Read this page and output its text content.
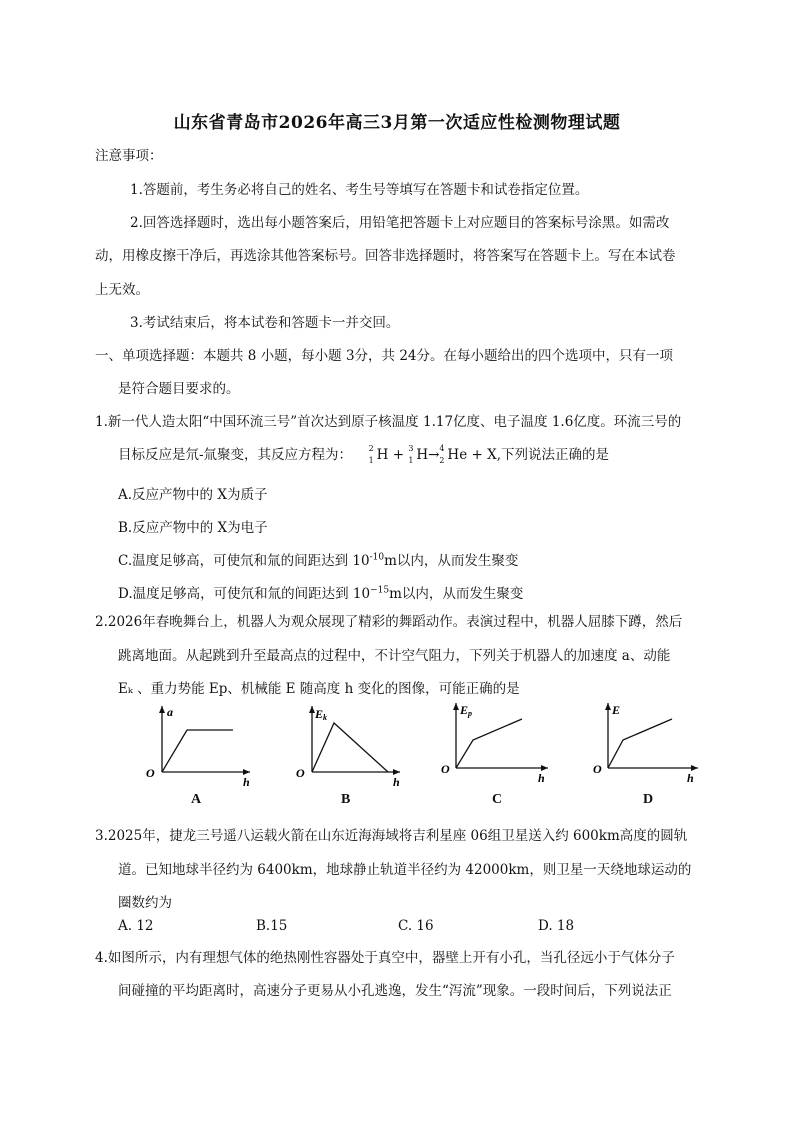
山东省青岛市2026年高三3月第一次适应性检测物理试题
注意事项：
1.答题前，考生务必将自己的姓名、考生号等填写在答题卡和试卷指定位置。
2.回答选择题时，选出每小题答案后，用铅笔把答题卡上对应题目的答案标号涂黑。如需改
动，用橡皮擦干净后，再选涂其他答案标号。回答非选择题时，将答案写在答题卡上。写在本试卷
上无效。
3.考试结束后，将本试卷和答题卡一并交回。
一、单项选择题：本题共 8 小题，每小题 3分，共 24分。在每小题给出的四个选项中，只有一项
是符合题目要求的。
1.新一代人造太阳“中国环流三号”首次达到原子核温度 1.17亿度、电子温度 1.6亿度。环流三号的
目标反应是氘-氚聚变，其反应方程为： 2
1 H + 3
1 H→ 4
2 He + X,下列说法正确的是
A.反应产物中的 X为质子
B.反应产物中的 X为电子
C.温度足够高，可使氘和氚的间距达到 $10^{-10}m$以内，从而发生聚变
D.温度足够高，可使氘和氚的间距达到 $10^{-15}m$以内，从而发生聚变
2.2026年春晚舞台上，机器人为观众展现了精彩的舞蹈动作。表演过程中，机器人屈膝下蹲，然后
跳离地面。从起跳到升至最高点的过程中，不计空气阻力，下列关于机器人的加速度 a、动能
Eₖ 、重力势能 Ep、机械能 E 随高度 h 变化的图像，可能正确的是
a
h
O
A
Ek
h
O
B
Ep
h
O
C
E
h
O
D
3.2025年，捷龙三号遥八运载火箭在山东近海海域将吉利星座 06组卫星送入约 600km高度的圆轨
道。已知地球半径约为 6400km，地球静止轨道半径约为 42000km，则卫星一天绕地球运动的
圈数约为
A. 12	B.15	C. 16	D. 18
4.如图所示，内有理想气体的绝热刚性容器处于真空中，器壁上开有小孔，当孔径远小于气体分子
间碰撞的平均距离时，高速分子更易从小孔逃逸，发生“泻流”现象。一段时间后，下列说法正
